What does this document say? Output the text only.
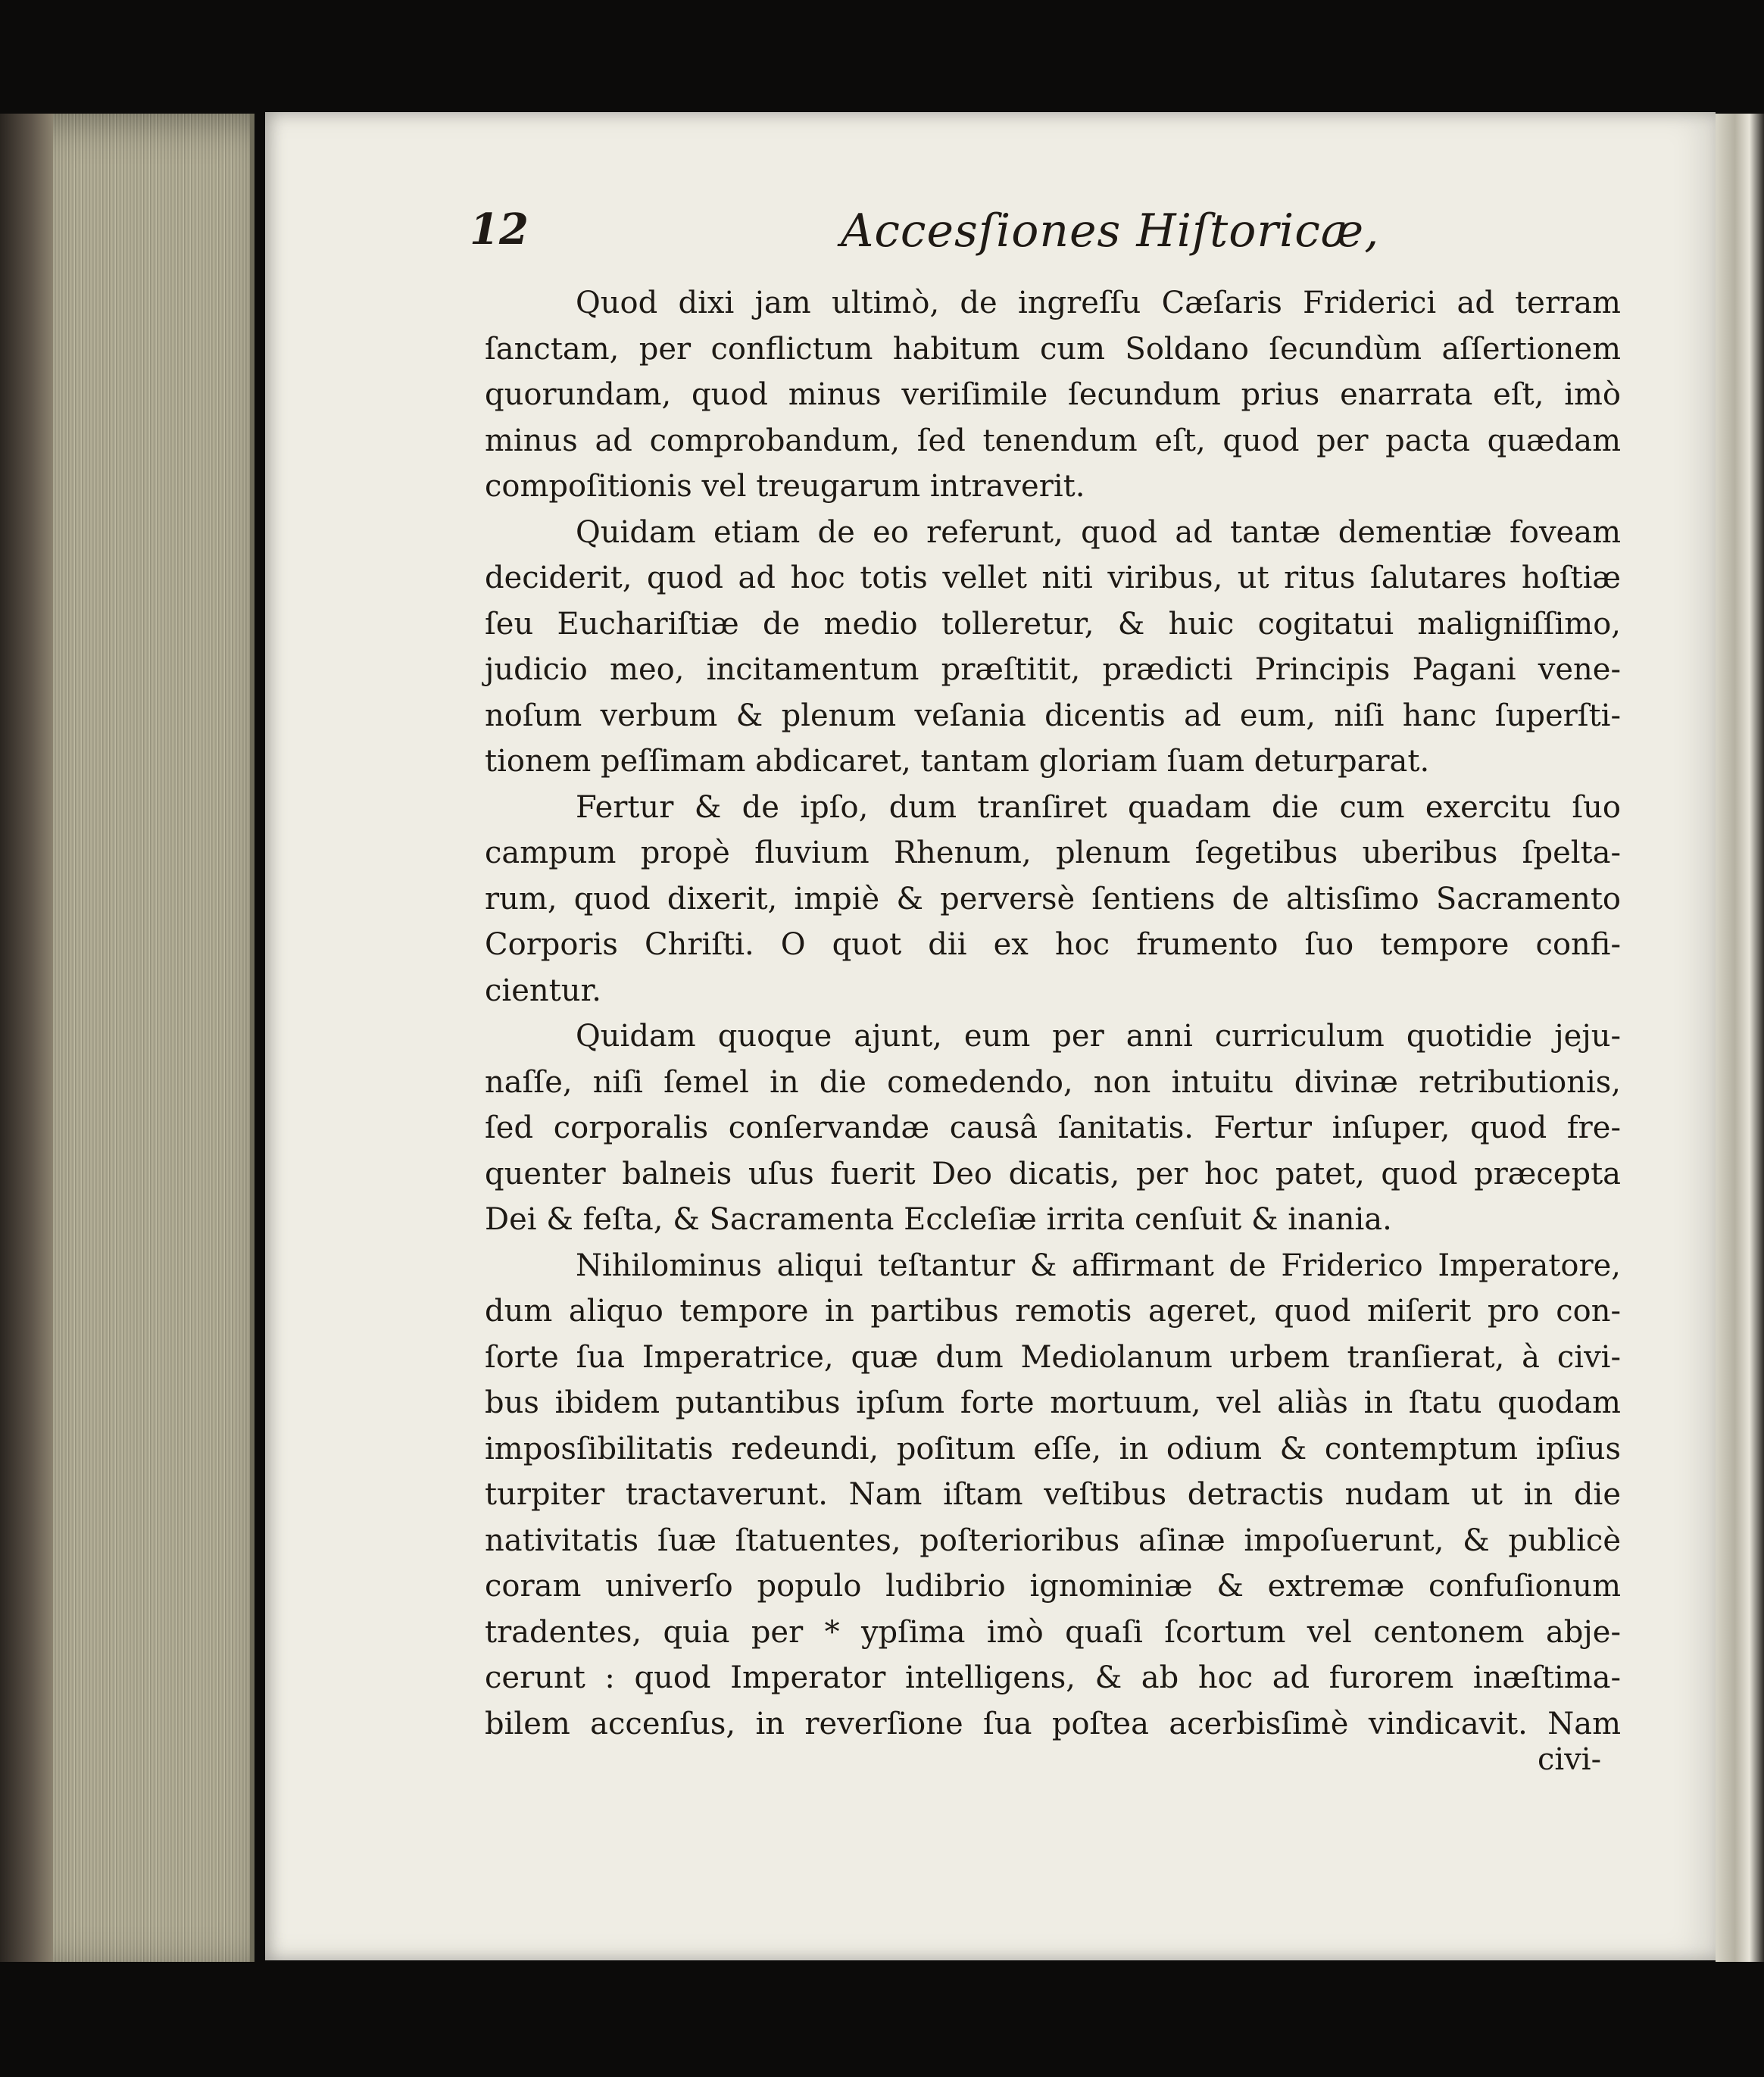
12	Accesſiones Hiſtoricæ,
Quod dixi jam ultimò, de ingreſſu Cæſaris Friderici ad terram
ſanctam, per conflictum habitum cum Soldano ſecundùm aſſertionem
quorundam, quod minus veriſimile ſecundum prius enarrata eſt, imò
minus ad comprobandum, ſed tenendum eſt, quod per pacta quædam
compoſitionis vel treugarum intraverit.
Quidam etiam de eo referunt, quod ad tantæ dementiæ foveam
deciderit, quod ad hoc totis vellet niti viribus, ut ritus ſalutares hoſtiæ
ſeu Euchariſtiæ de medio tolleretur, & huic cogitatui maligniſſimo,
judicio meo, incitamentum præſtitit, prædicti Principis Pagani vene-
noſum verbum & plenum veſania dicentis ad eum, niſi hanc ſuperſti-
tionem peſſimam abdicaret, tantam gloriam ſuam deturparat.
Fertur & de ipſo, dum tranſiret quadam die cum exercitu ſuo
campum propè fluvium Rhenum, plenum ſegetibus uberibus ſpelta-
rum, quod dixerit, impiè & perversè ſentiens de altisſimo Sacramento
Corporis Chriſti. O quot dii ex hoc frumento ſuo tempore confi-
cientur.
Quidam quoque ajunt, eum per anni curriculum quotidie jeju-
naſſe, niſi ſemel in die comedendo, non intuitu divinæ retributionis,
ſed corporalis conſervandæ causâ ſanitatis. Fertur inſuper, quod fre-
quenter balneis uſus fuerit Deo dicatis, per hoc patet, quod præcepta
Dei & feſta, & Sacramenta Eccleſiæ irrita cenſuit & inania.
Nihilominus aliqui teſtantur & affirmant de Friderico Imperatore,
dum aliquo tempore in partibus remotis ageret, quod miſerit pro con-
ſorte ſua Imperatrice, quæ dum Mediolanum urbem tranſierat, à civi-
bus ibidem putantibus ipſum forte mortuum, vel aliàs in ſtatu quodam
imposſibilitatis redeundi, poſitum eſſe, in odium & contemptum ipſius
turpiter tractaverunt. Nam iſtam veſtibus detractis nudam ut in die
nativitatis ſuæ ſtatuentes, poſterioribus aſinæ impoſuerunt, & publicè
coram univerſo populo ludibrio ignominiæ & extremæ confuſionum
tradentes, quia per * ypſima imò quaſi ſcortum vel centonem abje-
cerunt : quod Imperator intelligens, & ab hoc ad furorem inæſtima-
bilem accenſus, in reverſione ſua poſtea acerbisſimè vindicavit. Nam
civi-
